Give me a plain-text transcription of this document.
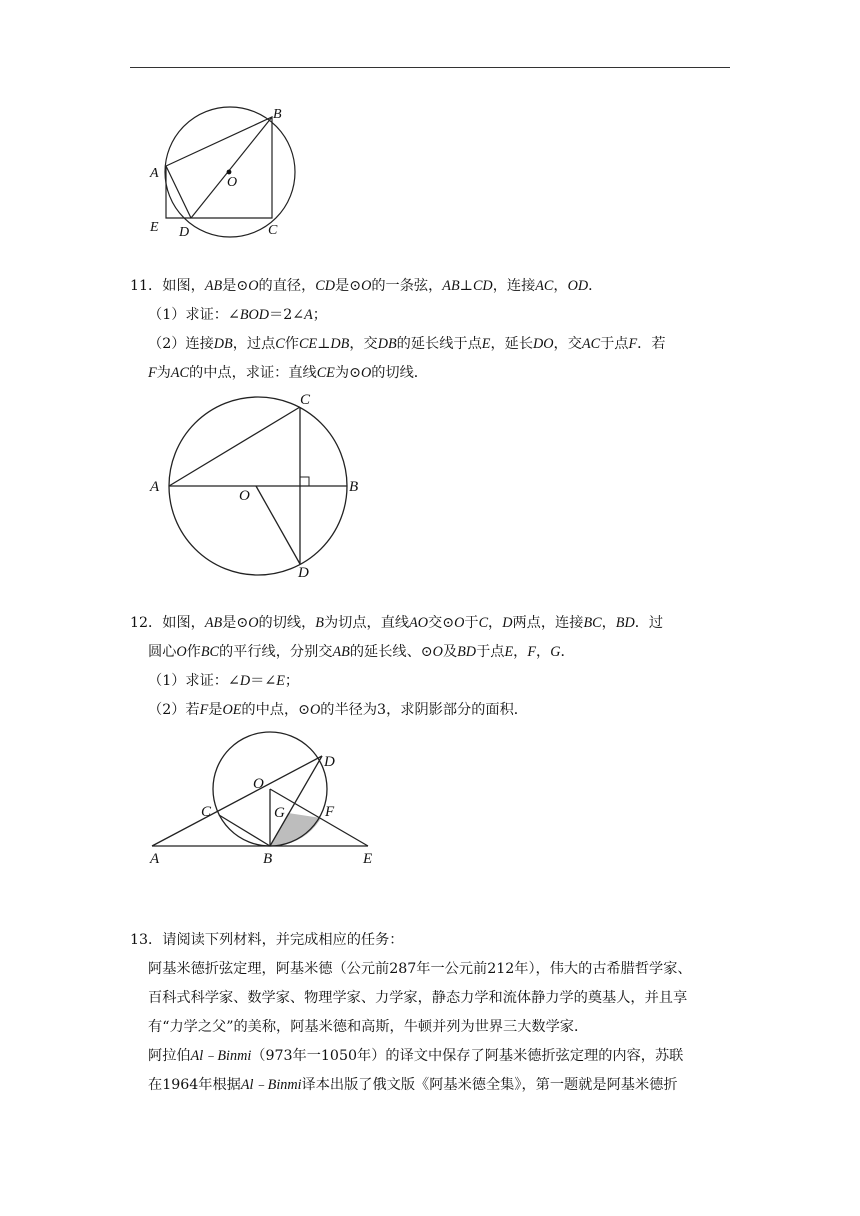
A
B
O
E D	C
11．如图，AB是⊙O的直径，CD是⊙O的一条弦，AB⊥CD，连接AC，OD．
（1）求证：∠BOD＝2∠A；
（2）连接DB，过点C作CE⊥DB，交DB的延长线于点E，延长DO，交AC于点F．若
F为AC的中点，求证：直线CE为⊙O的切线．
C
A
O
B
D
12．如图，AB是⊙O的切线，B为切点，直线AO交⊙O于C，D两点，连接BC，BD．过
圆心O作BC的平行线，分别交AB的延长线、⊙O及BD于点E，F，G．
（1）求证：∠D＝∠E；
（2）若F是OE的中点，⊙O的半径为3，求阴影部分的面积．
D
O
C	G	F
A	B	E
13．请阅读下列材料，并完成相应的任务：
阿基米德折弦定理，阿基米德（公元前287年一公元前212年），伟大的古希腊哲学家、
百科式科学家、数学家、物理学家、力学家，静态力学和流体静力学的奠基人，并且享
有“力学之父”的美称，阿基米德和高斯，牛顿并列为世界三大数学家．
阿拉伯Al﹣Binmi（973年一1050年）的译文中保存了阿基米德折弦定理的内容，苏联
在1964年根据Al﹣Binmi译本出版了俄文版《阿基米德全集》，第一题就是阿基米德折
